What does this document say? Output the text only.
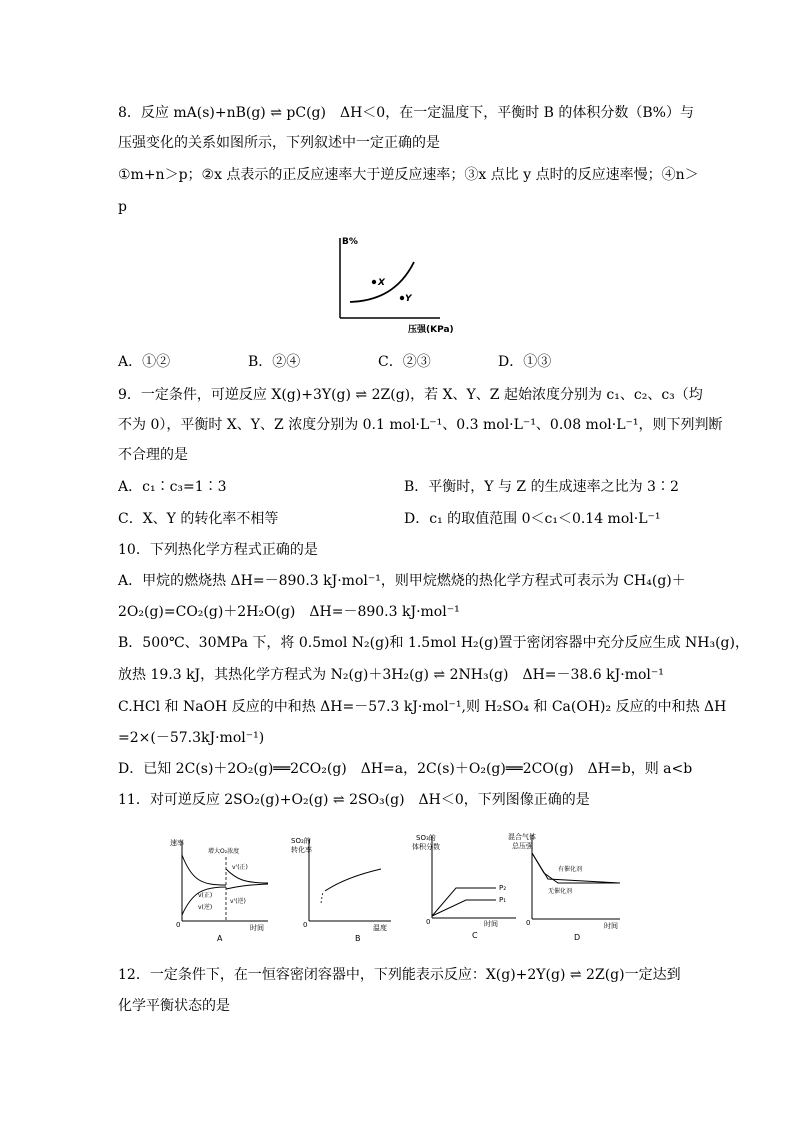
8．反应 mA(s)+nB(g) ⇌ pC(g)　ΔH＜0，在一定温度下，平衡时 B 的体积分数（B%）与
压强变化的关系如图所示，下列叙述中一定正确的是
①m+n＞p；②x 点表示的正反应速率大于逆反应速率；③x 点比 y 点时的反应速率慢；④n＞
p
B%
X
Y
压强(KPa)
A．①②	B．②④	C．②③	D．①③
9．一定条件，可逆反应 X(g)+3Y(g) ⇌ 2Z(g)，若 X、Y、Z 起始浓度分别为 c₁、c₂、c₃（均
不为 0），平衡时 X、Y、Z 浓度分别为 0.1 mol·L⁻¹、0.3 mol·L⁻¹、0.08 mol·L⁻¹，则下列判断
不合理的是
A．c₁∶c₃=1∶3	B．平衡时，Y 与 Z 的生成速率之比为 3∶2
C．X、Y 的转化率不相等	D．c₁ 的取值范围 0＜c₁＜0.14 mol·L⁻¹
10．下列热化学方程式正确的是
A．甲烷的燃烧热 ΔH=－890.3 kJ·mol⁻¹，则甲烷燃烧的热化学方程式可表示为 CH₄(g)＋
2O₂(g)=CO₂(g)＋2H₂O(g)　ΔH=－890.3 kJ·mol⁻¹
B．500℃、30MPa 下，将 0.5mol N₂(g)和 1.5mol H₂(g)置于密闭容器中充分反应生成 NH₃(g)，
放热 19.3 kJ，其热化学方程式为 N₂(g)＋3H₂(g) ⇌ 2NH₃(g)　ΔH=－38.6 kJ·mol⁻¹
C.HCl 和 NaOH 反应的中和热 ΔH=－57.3 kJ·mol⁻¹,则 H₂SO₄ 和 Ca(OH)₂ 反应的中和热 ΔH
=2×(－57.3kJ·mol⁻¹)
D．已知 2C(s)＋2O₂(g)══2CO₂(g)　ΔH=a，2C(s)＋O₂(g)══2CO(g)　ΔH=b，则 a<b
11．对可逆反应 2SO₂(g)+O₂(g) ⇌ 2SO₃(g)　ΔH＜0，下列图像正确的是
速率
增大O₂浓度
v(正)
v(逆)
v'(正)
v'(逆)
0	时间
A
SO₂的
转化率
0	温度
B
SO₃的
体积分数
P₂
P₁
0	时间
C
混合气体
总压强
有催化剂
无催化剂
0	时间
D
12．一定条件下，在一恒容密闭容器中，下列能表示反应：X(g)+2Y(g) ⇌ 2Z(g)一定达到
化学平衡状态的是
